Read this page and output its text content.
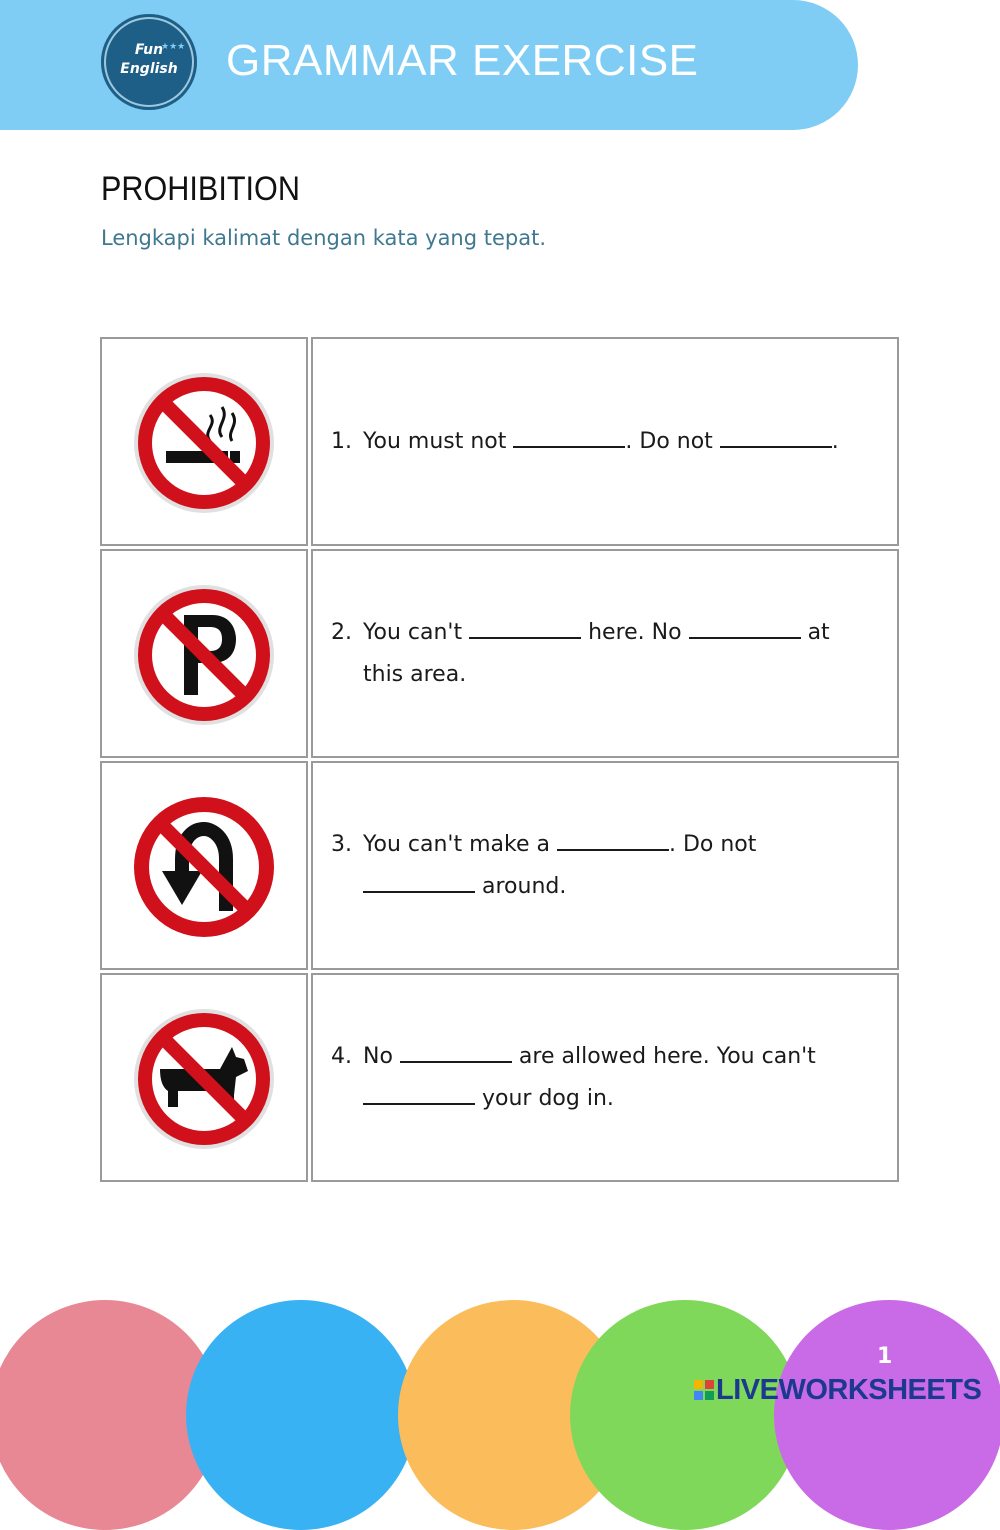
Fun
★★★
English	GRAMMAR EXERCISE
PROHIBITION
Lengkapi kalimat dengan kata yang tepat.
1. You must not	. Do not	.
2. You can't	here. No	at this area.
3. You can't make a	. Do not  around.
4. No	are allowed here. You can't  your dog in.
1
LIVEWORKSHEETS
